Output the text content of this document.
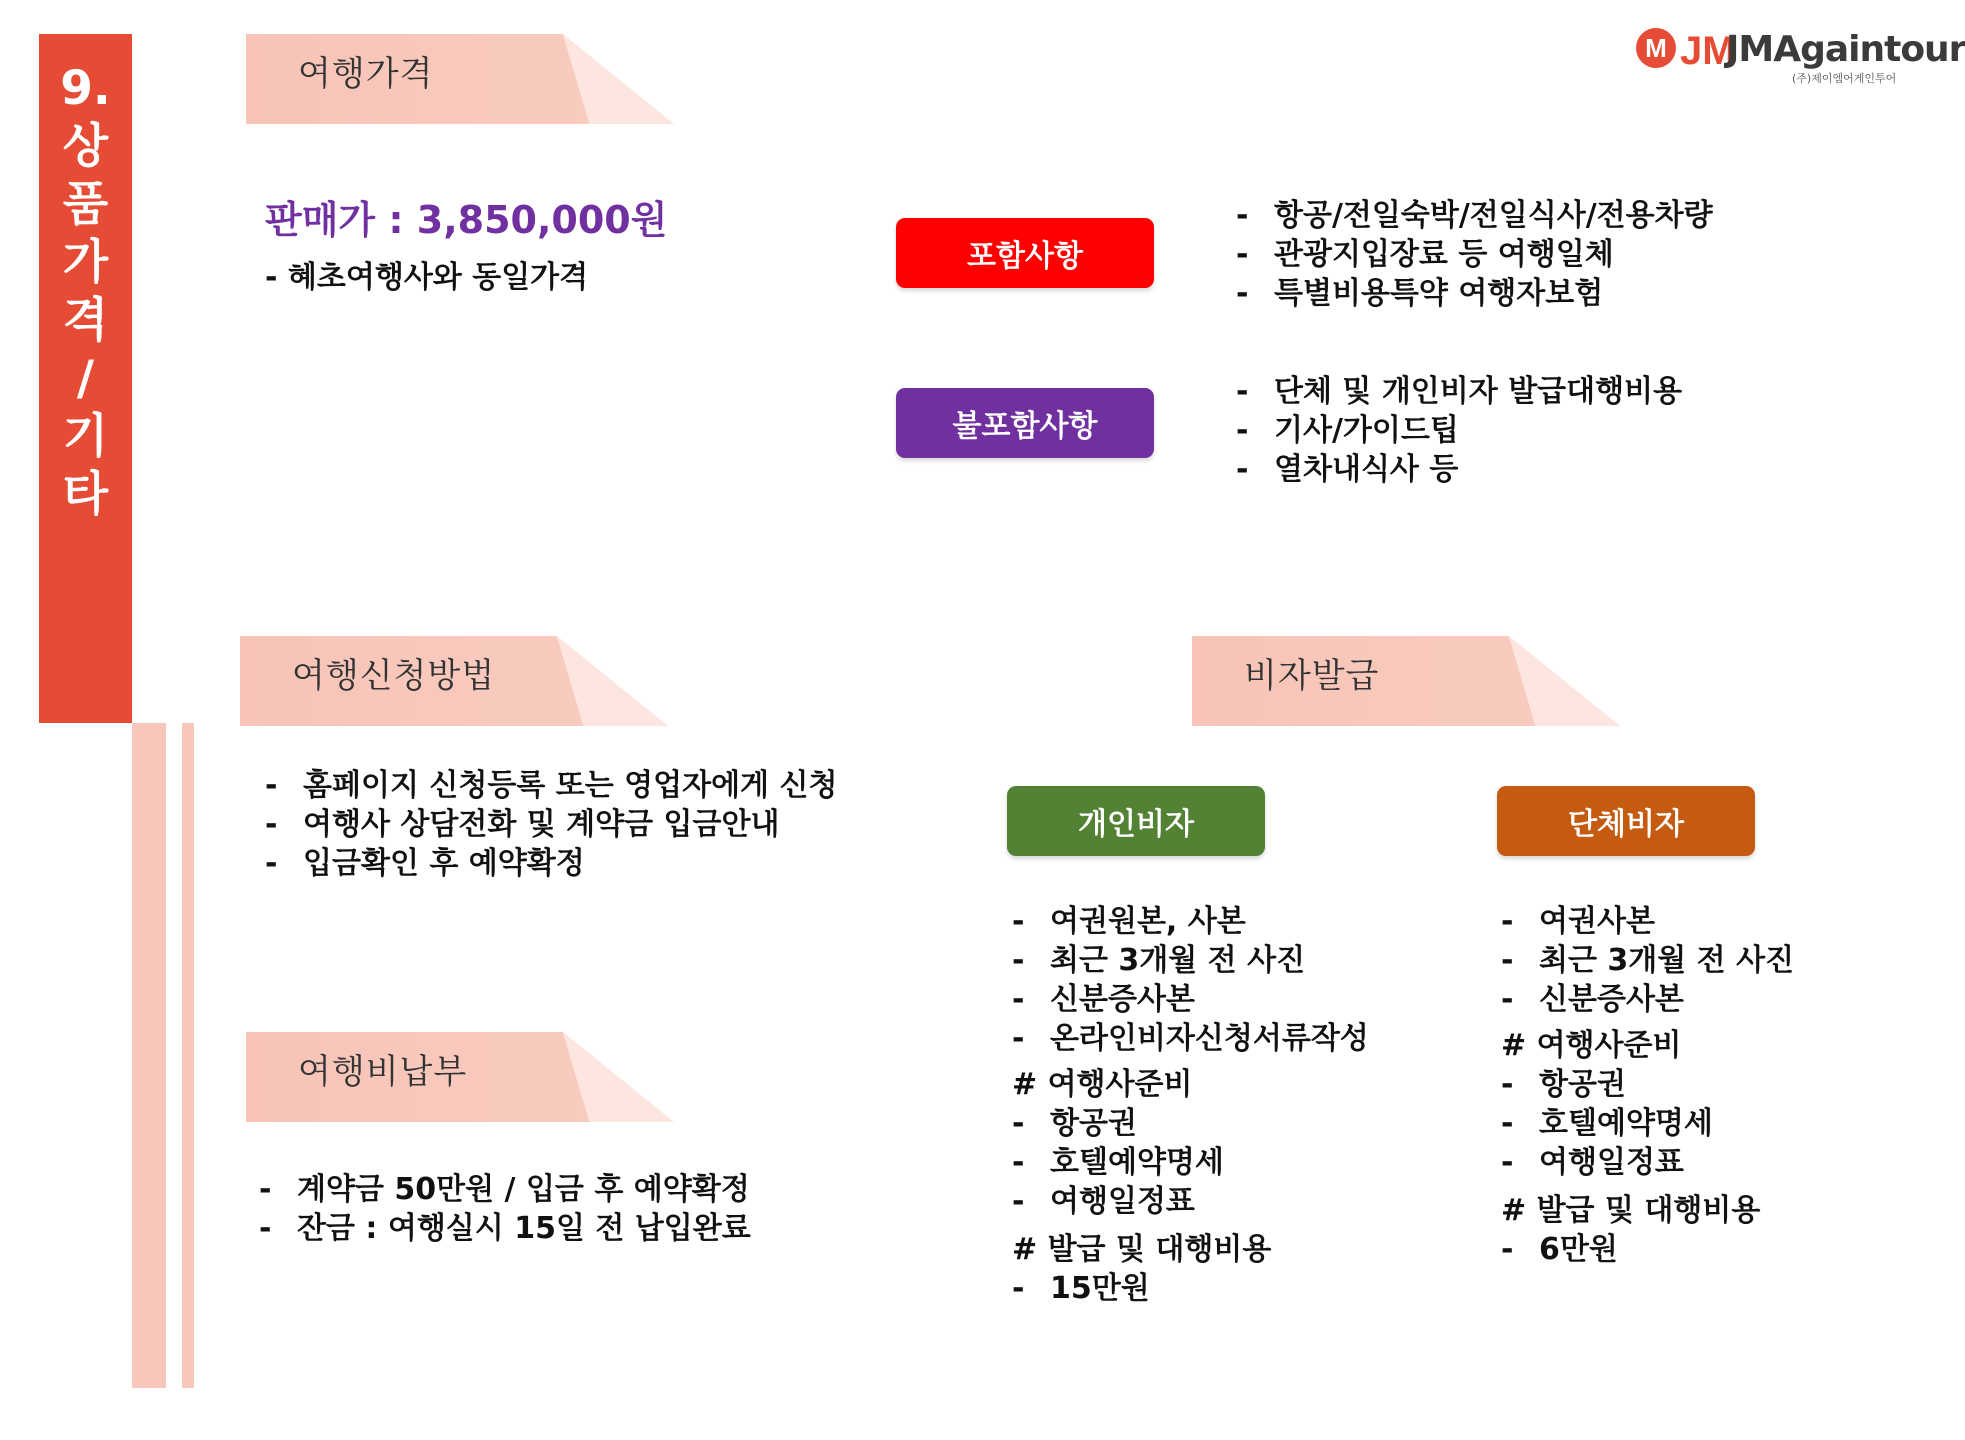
9.
상
품
가
격
/
기
타
M JM
JMAgaintour
(주)제이엠어게인투어
여행가격
판매가 : 3,850,000원
- 혜초여행사와 동일가격
포함사항
- 항공/전일숙박/전일식사/전용차량
- 관광지입장료 등 여행일체
- 특별비용특약 여행자보험
불포함사항
- 단체 및 개인비자 발급대행비용
- 기사/가이드팁
- 열차내식사 등
여행신청방법
- 홈페이지 신청등록 또는 영업자에게 신청
- 여행사 상담전화 및 계약금 입금안내
- 입금확인 후 예약확정
여행비납부
- 계약금 50만원 / 입금 후 예약확정
- 잔금 : 여행실시 15일 전 납입완료
비자발급
개인비자
- 여권원본, 사본
- 최근 3개월 전 사진
- 신분증사본
- 온라인비자신청서류작성
# 여행사준비
- 항공권
- 호텔예약명세
- 여행일정표
# 발급 및 대행비용
- 15만원
단체비자
- 여권사본
- 최근 3개월 전 사진
- 신분증사본
# 여행사준비
- 항공권
- 호텔예약명세
- 여행일정표
# 발급 및 대행비용
- 6만원
